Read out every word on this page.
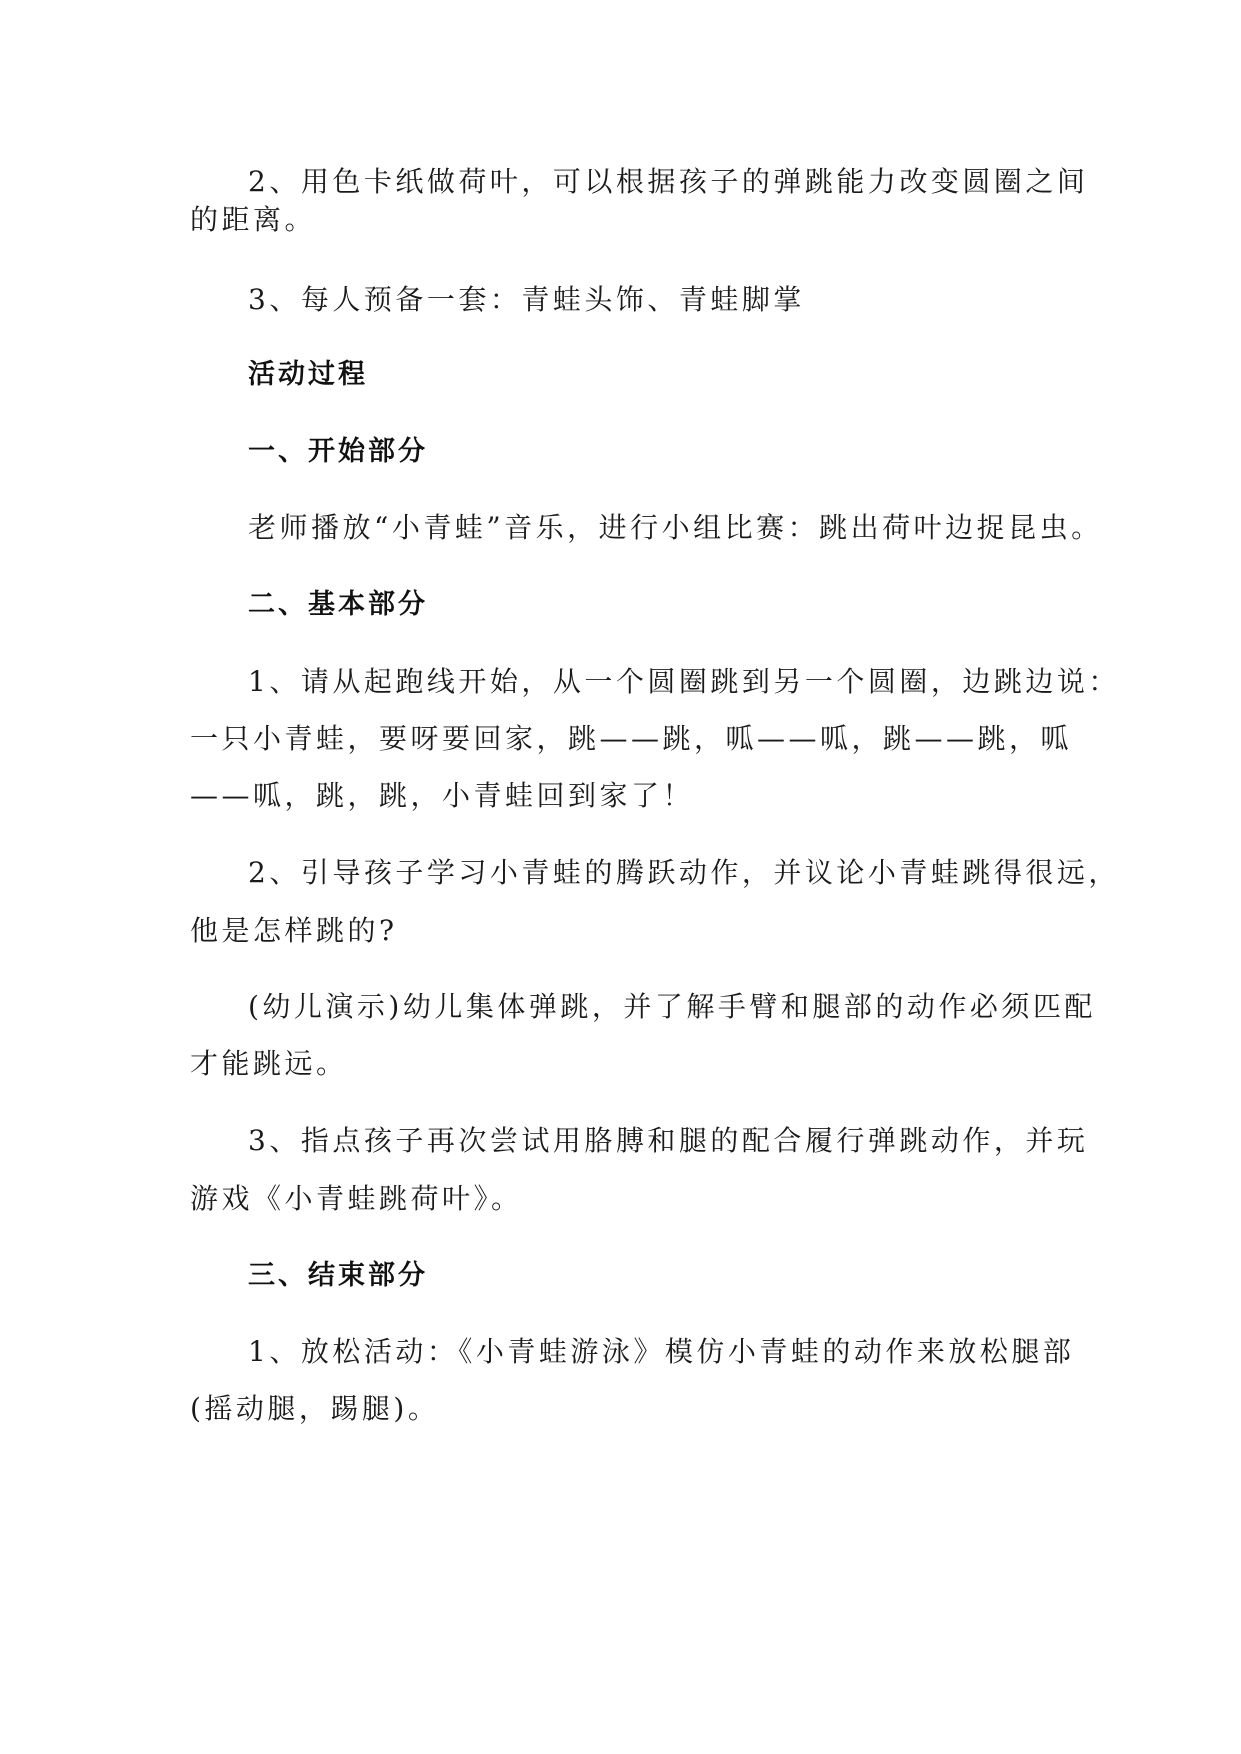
2、用色卡纸做荷叶，可以根据孩子的弹跳能力改变圆圈之间

的距离。

3、每人预备一套：青蛙头饰、青蛙脚掌

活动过程

一、开始部分

老师播放“小青蛙”音乐，进行小组比赛：跳出荷叶边捉昆虫。

二、基本部分

1、请从起跑线开始，从一个圆圈跳到另一个圆圈，边跳边说：

一只小青蛙，要呀要回家，跳——跳，呱——呱，跳——跳，呱

——呱，跳，跳，小青蛙回到家了！

2、引导孩子学习小青蛙的腾跃动作，并议论小青蛙跳得很远，

他是怎样跳的?

(幼儿演示)幼儿集体弹跳，并了解手臂和腿部的动作必须匹配

才能跳远。

3、指点孩子再次尝试用胳膊和腿的配合履行弹跳动作，并玩

游戏《小青蛙跳荷叶》。

三、结束部分

1、放松活动：《小青蛙游泳》模仿小青蛙的动作来放松腿部

(摇动腿，踢腿)。
